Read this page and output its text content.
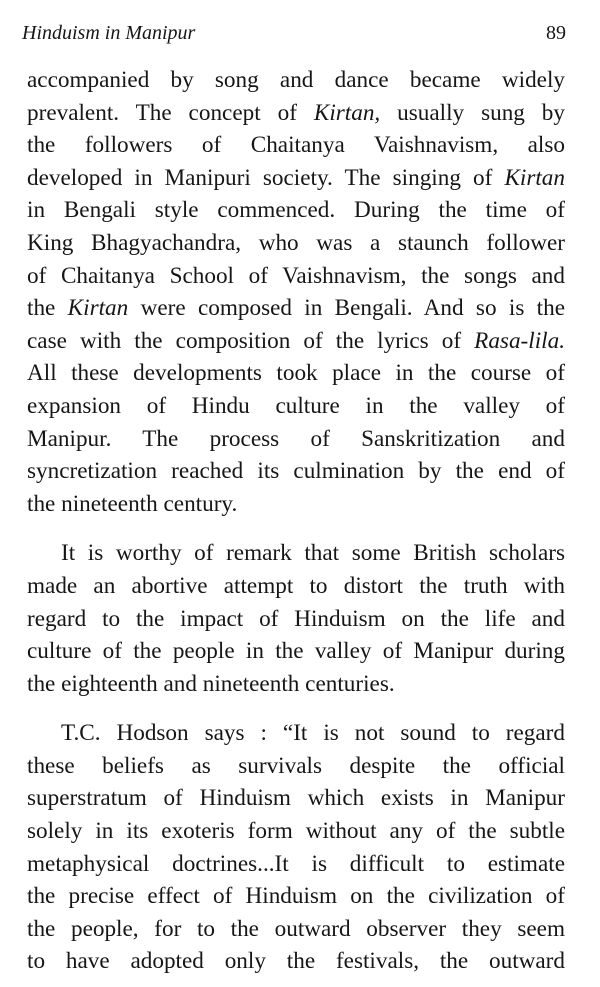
Hinduism in Manipur	89
accompanied by song and dance became widely
prevalent. The concept of Kirtan, usually sung by
the followers of Chaitanya Vaishnavism, also
developed in Manipuri society. The singing of Kirtan
in Bengali style commenced. During the time of
King Bhagyachandra, who was a staunch follower
of Chaitanya School of Vaishnavism, the songs and
the Kirtan were composed in Bengali. And so is the
case with the composition of the lyrics of Rasa-lila.
All these developments took place in the course of
expansion of Hindu culture in the valley of
Manipur. The process of Sanskritization and
syncretization reached its culmination by the end of
the nineteenth century.
It is worthy of remark that some British scholars
made an abortive attempt to distort the truth with
regard to the impact of Hinduism on the life and
culture of the people in the valley of Manipur during
the eighteenth and nineteenth centuries.
T.C. Hodson says : “It is not sound to regard
these beliefs as survivals despite the official
superstratum of Hinduism which exists in Manipur
solely in its exoteris form without any of the subtle
metaphysical doctrines...It is difficult to estimate
the precise effect of Hinduism on the civilization of
the people, for to the outward observer they seem
to have adopted only the festivals, the outward
